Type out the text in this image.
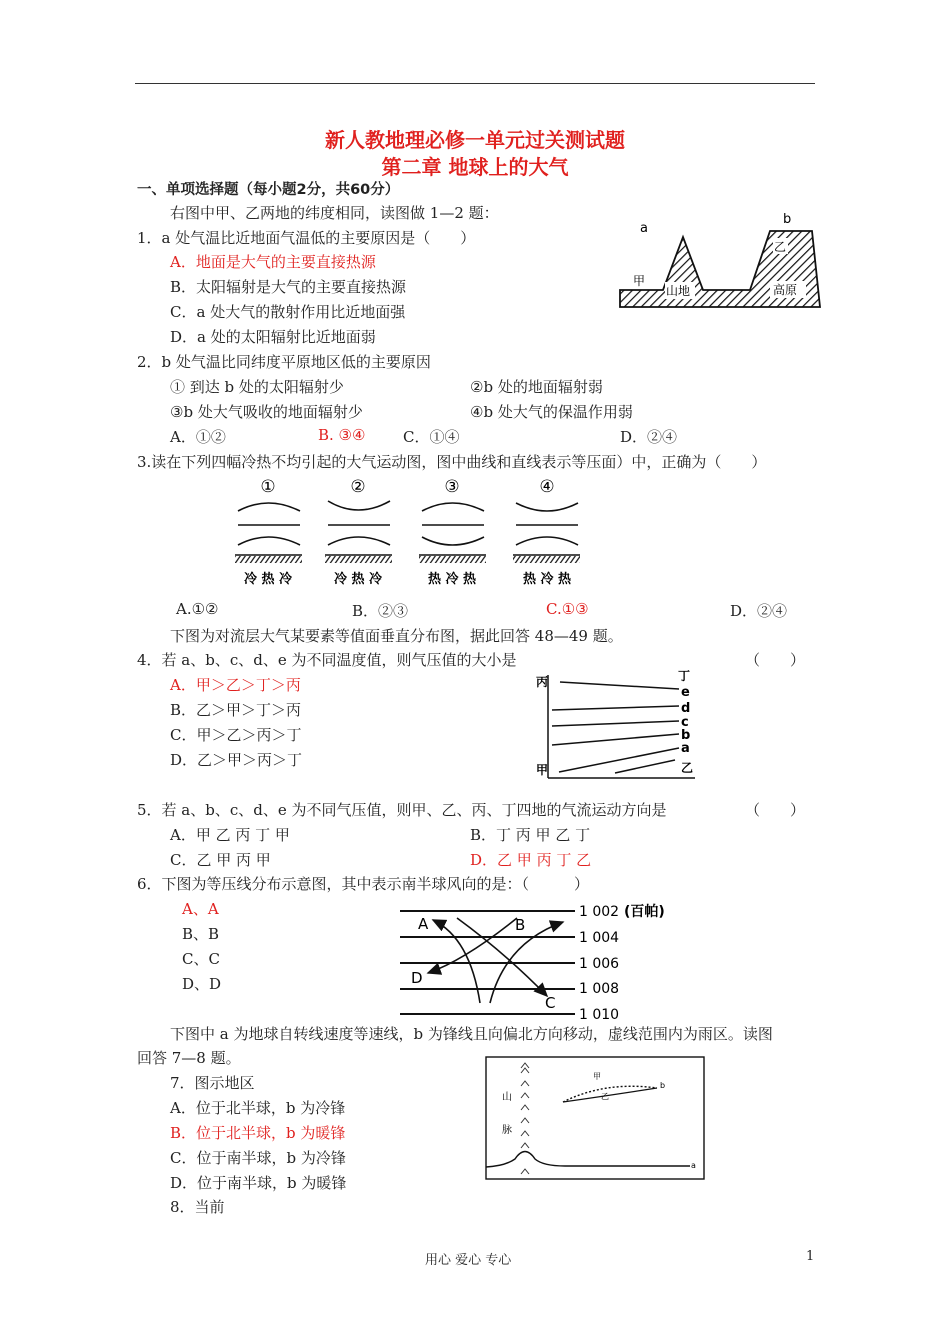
新人教地理必修一单元过关测试题
第二章 地球上的大气
一、单项选择题（每小题2分，共60分）
右图中甲、乙两地的纬度相同，读图做 1—2 题：
1．a 处气温比近地面气温低的主要原因是（　　）
A．地面是大气的主要直接热源
B．太阳辐射是大气的主要直接热源
C．a 处大气的散射作用比近地面强
D．a 处的太阳辐射比近地面弱
a
b
甲
乙
山地	高原
2．b 处气温比同纬度平原地区低的主要原因
① 到达 b 处的太阳辐射少	②b 处的地面辐射弱
③b 处大气吸收的地面辐射少	④b 处大气的保温作用弱
A．①②	B. ③④	C．①④	D．②④
3.读在下列四幅冷热不均引起的大气运动图，图中曲线和直线表示等压面）中，正确为（　　）
①
冷 热 冷
②
冷 热 冷
③
热 冷 热
④
热 冷 热
A.①②	B．②③	C.①③	D．②④
下图为对流层大气某要素等值面垂直分布图，据此回答 48—49 题。
4．若 a、b、c、d、e 为不同温度值，则气压值的大小是	（　　）
A．甲＞乙＞丁＞丙
B．乙＞甲＞丁＞丙
C．甲＞乙＞丙＞丁
D．乙＞甲＞丙＞丁
丙	丁
e
d
c
b
a
甲	乙
5．若 a、b、c、d、e 为不同气压值，则甲、乙、丙、丁四地的气流运动方向是	（　　）
A．甲 乙 丙 丁 甲	B．丁 丙 甲 乙 丁
C．乙 甲 丙 甲	D．乙 甲 丙 丁 乙
6．下图为等压线分布示意图，其中表示南半球风向的是：（　　　）
A、A
B、B
C、C
D、D
1 002 (百帕)
1 004
1 006
1 008
1 010
A	B
C
D
下图中 a 为地球自转线速度等速线，b 为锋线且向偏北方向移动，虚线范围内为雨区。读图
回答 7—8 题。
7．图示地区
A．位于北半球，b 为冷锋
B．位于北半球，b 为暖锋
C．位于南半球，b 为冷锋
D．位于南半球，b 为暖锋
8．当前
山
脉
a
甲
乙
b
用心 爱心 专心	1
